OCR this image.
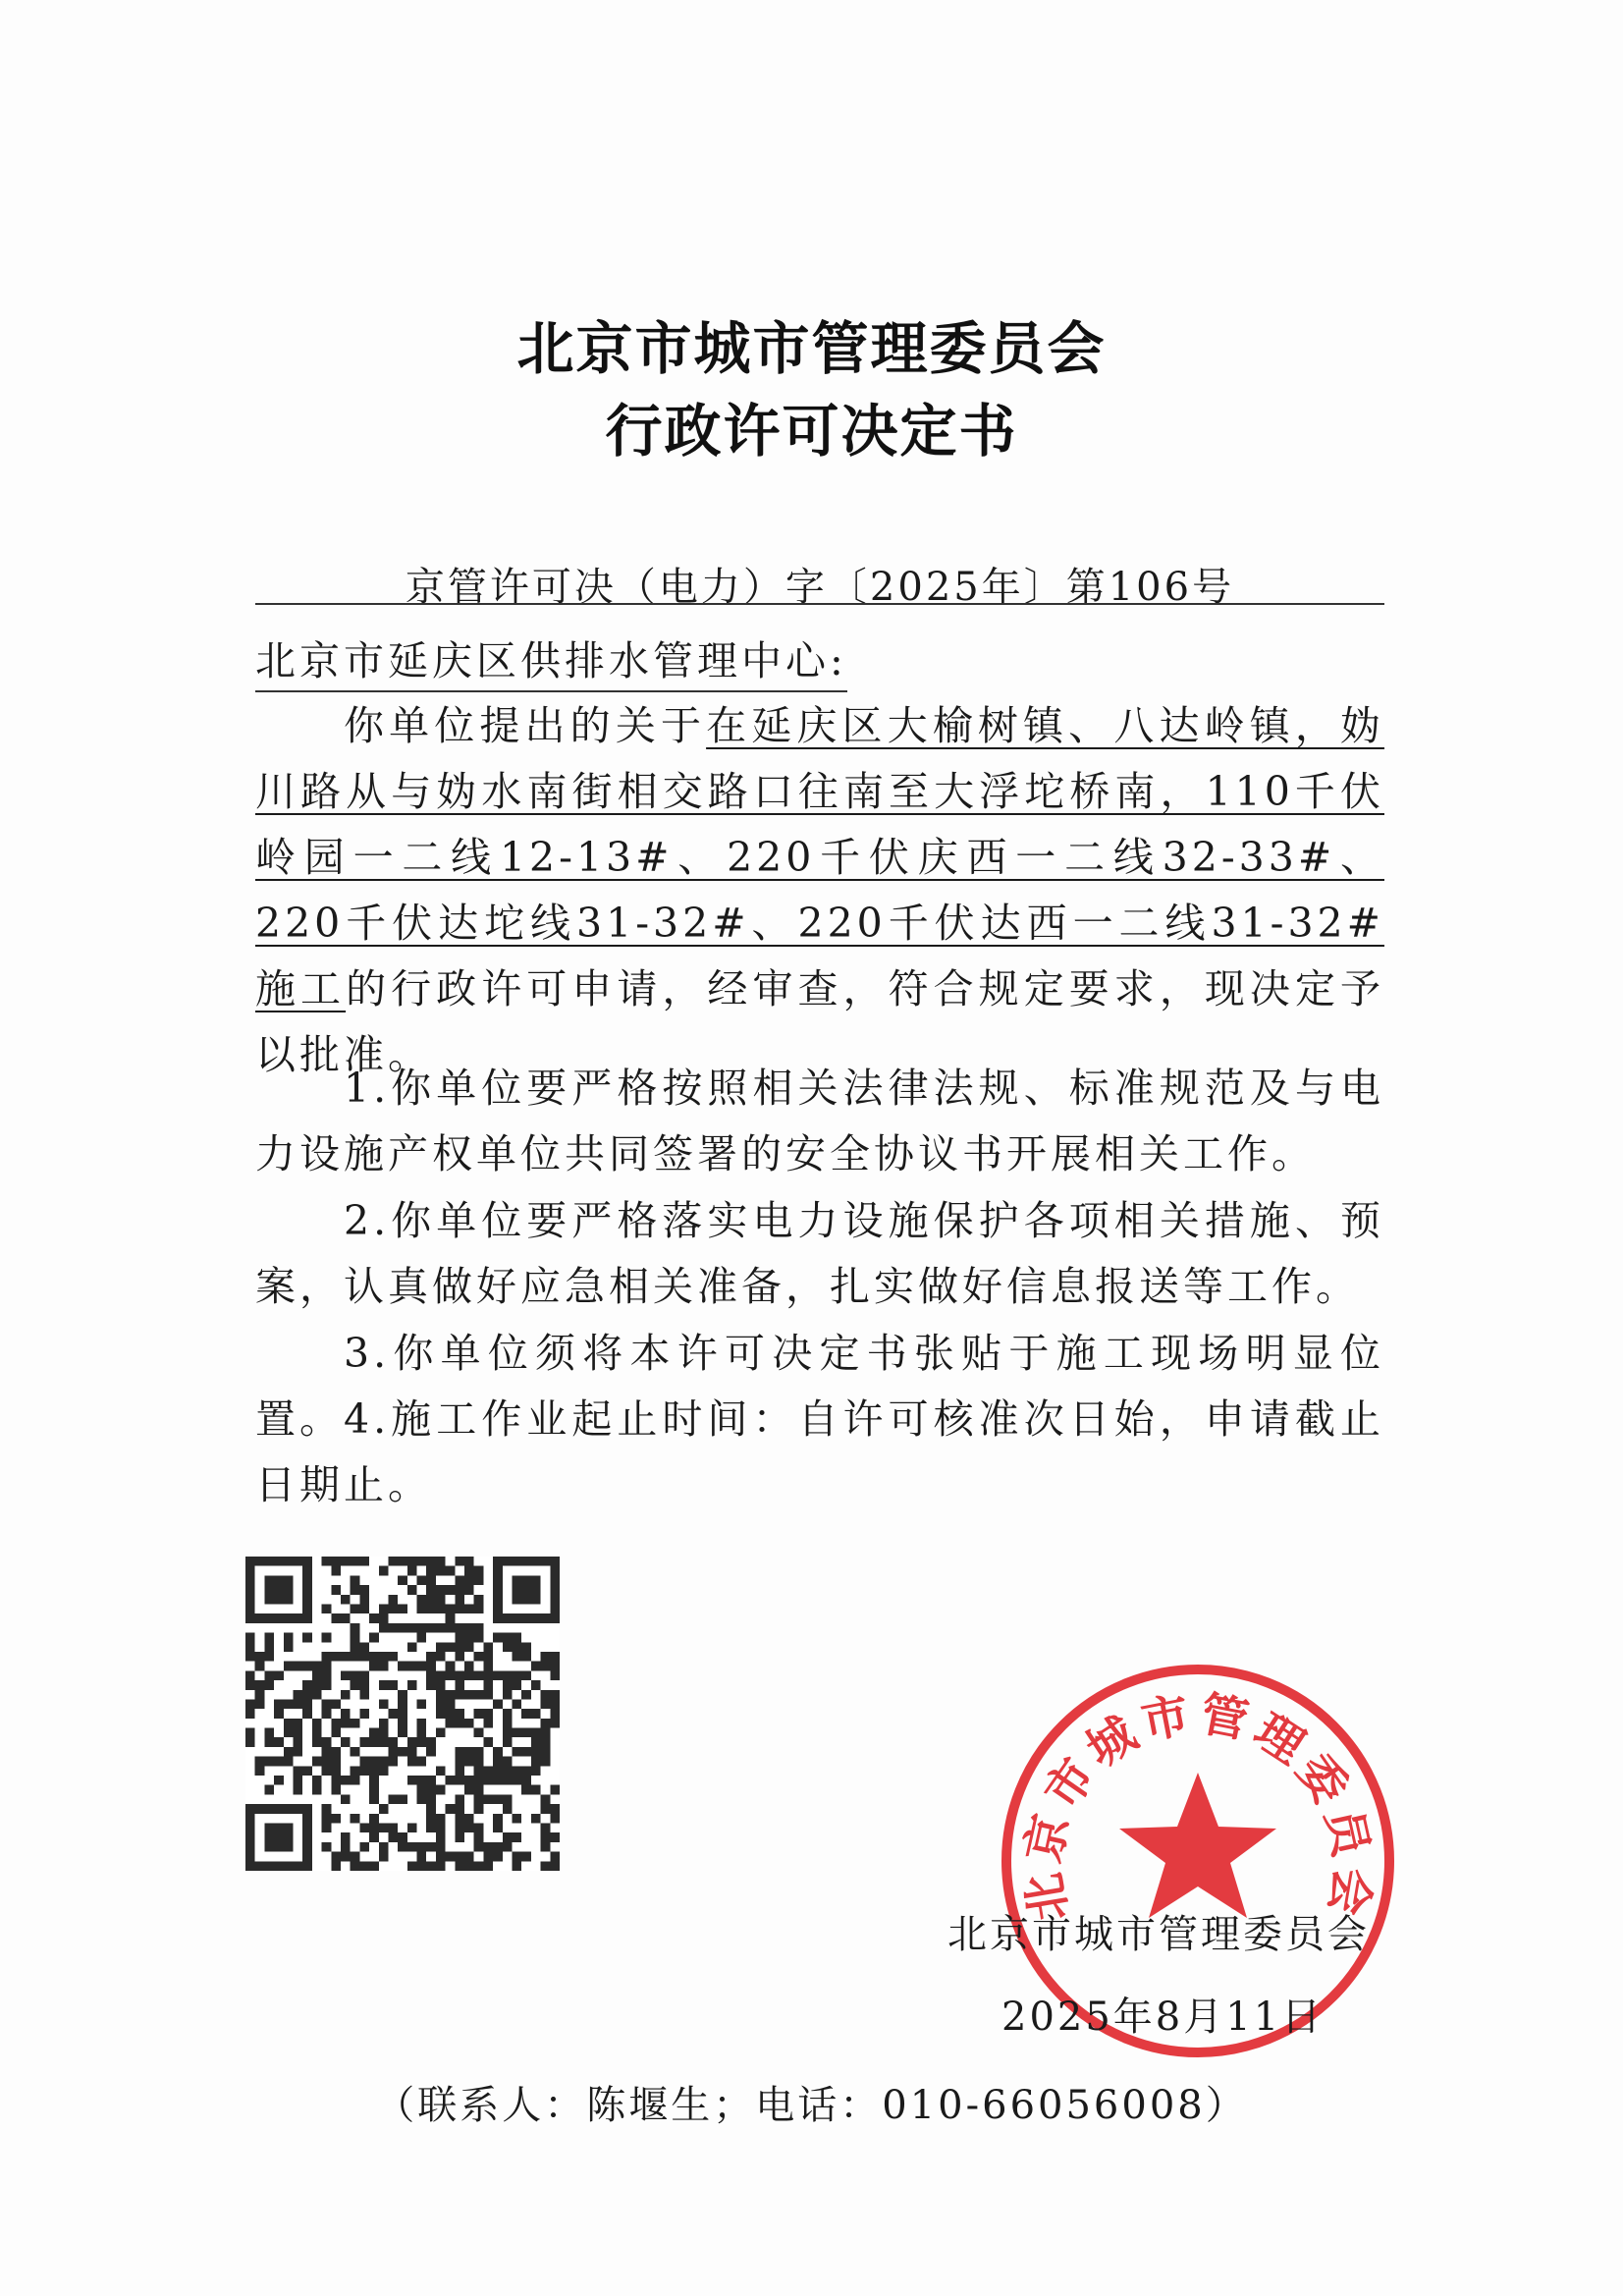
北京市城市管理委员会
行政许可决定书
京管许可决（电力）字〔2025年〕第106号
北京市延庆区供排水管理中心:
你单位提出的关于在延庆区大榆树镇、八达岭镇，妫川路从与妫水南街相交路口往南至大浮坨桥南，110千伏岭园一二线12-13#、220千伏庆西一二线32-33#、220千伏达坨线31-32#、220千伏达西一二线31-32#施工的行政许可申请，经审查，符合规定要求，现决定予以批准。
1.你单位要严格按照相关法律法规、标准规范及与电力设施产权单位共同签署的安全协议书开展相关工作。
2.你单位要严格落实电力设施保护各项相关措施、预案，认真做好应急相关准备，扎实做好信息报送等工作。
3.你单位须将本许可决定书张贴于施工现场明显位置。 4.施工作业起止时间：自许可核准次日始，申请截止日期止。
北京市城市管理委员会
北京市城市管理委员会
2025年8月11日
（联系人：陈堰生；电话：010-66056008）
